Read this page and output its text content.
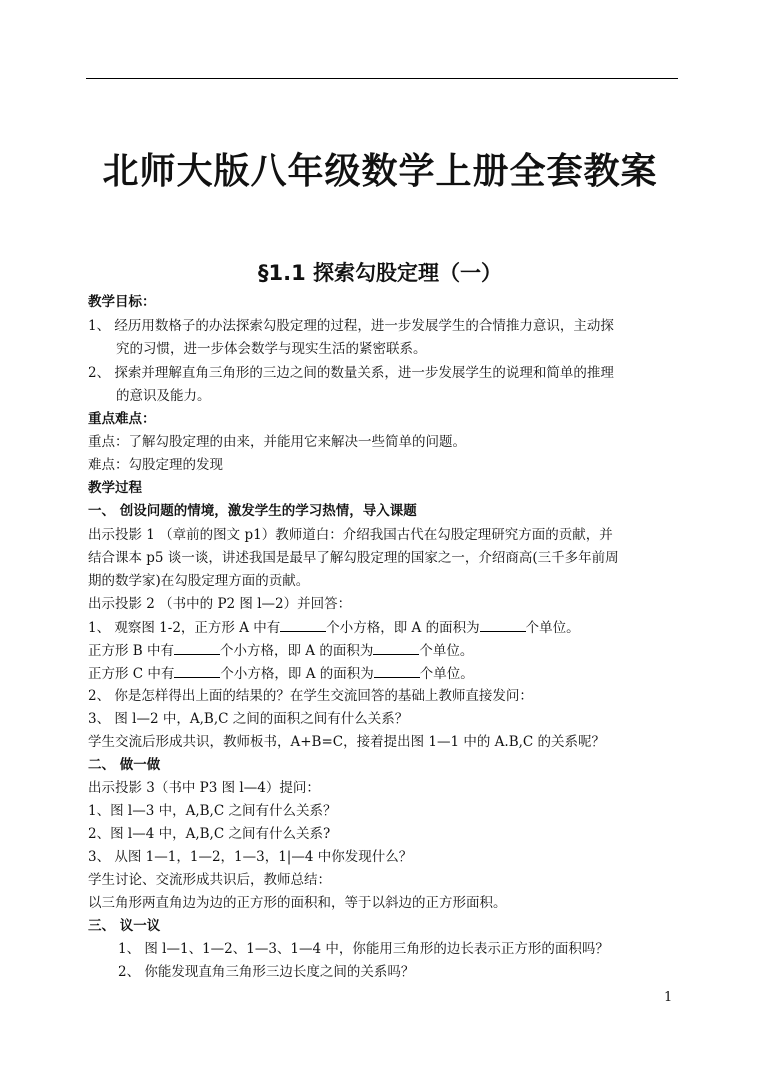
北师大版八年级数学上册全套教案
§1.1 探索勾股定理（一）
教学目标：
1、 经历用数格子的办法探索勾股定理的过程，进一步发展学生的合情推力意识，主动探
究的习惯，进一步体会数学与现实生活的紧密联系。
2、 探索并理解直角三角形的三边之间的数量关系，进一步发展学生的说理和简单的推理
的意识及能力。
重点难点：
重点：了解勾股定理的由来，并能用它来解决一些简单的问题。
难点：勾股定理的发现
教学过程
一、 创设问题的情境，激发学生的学习热情，导入课题
出示投影 1 （章前的图文 p1）教师道白：介绍我国古代在勾股定理研究方面的贡献，并
结合课本 p5 谈一谈，讲述我国是最早了解勾股定理的国家之一，介绍商高(三千多年前周
期的数学家)在勾股定理方面的贡献。
出示投影 2 （书中的 P2 图 l—2）并回答：
1、 观察图 1-2，正方形 A 中有	个小方格，即 A 的面积为	个单位。
正方形 B 中有	个小方格，即 A 的面积为	个单位。
正方形 C 中有	个小方格，即 A 的面积为	个单位。
2、 你是怎样得出上面的结果的？在学生交流回答的基础上教师直接发问：
3、 图 l—2 中，A,B,C 之间的面积之间有什么关系？
学生交流后形成共识，教师板书，A+B=C，接着提出图 1—1 中的 A.B,C 的关系呢？
二、 做一做
出示投影 3（书中 P3 图 l—4）提问：
1、图 l—3 中，A,B,C 之间有什么关系？
2、图 l—4 中，A,B,C 之间有什么关系?
3、 从图 1—1，1—2，1—3，1|—4 中你发现什么？
学生讨论、交流形成共识后，教师总结：
以三角形两直角边为边的正方形的面积和，等于以斜边的正方形面积。
三、 议一议
1、 图 l—1、1—2、1—3、1—4 中，你能用三角形的边长表示正方形的面积吗？
2、 你能发现直角三角形三边长度之间的关系吗？
1
